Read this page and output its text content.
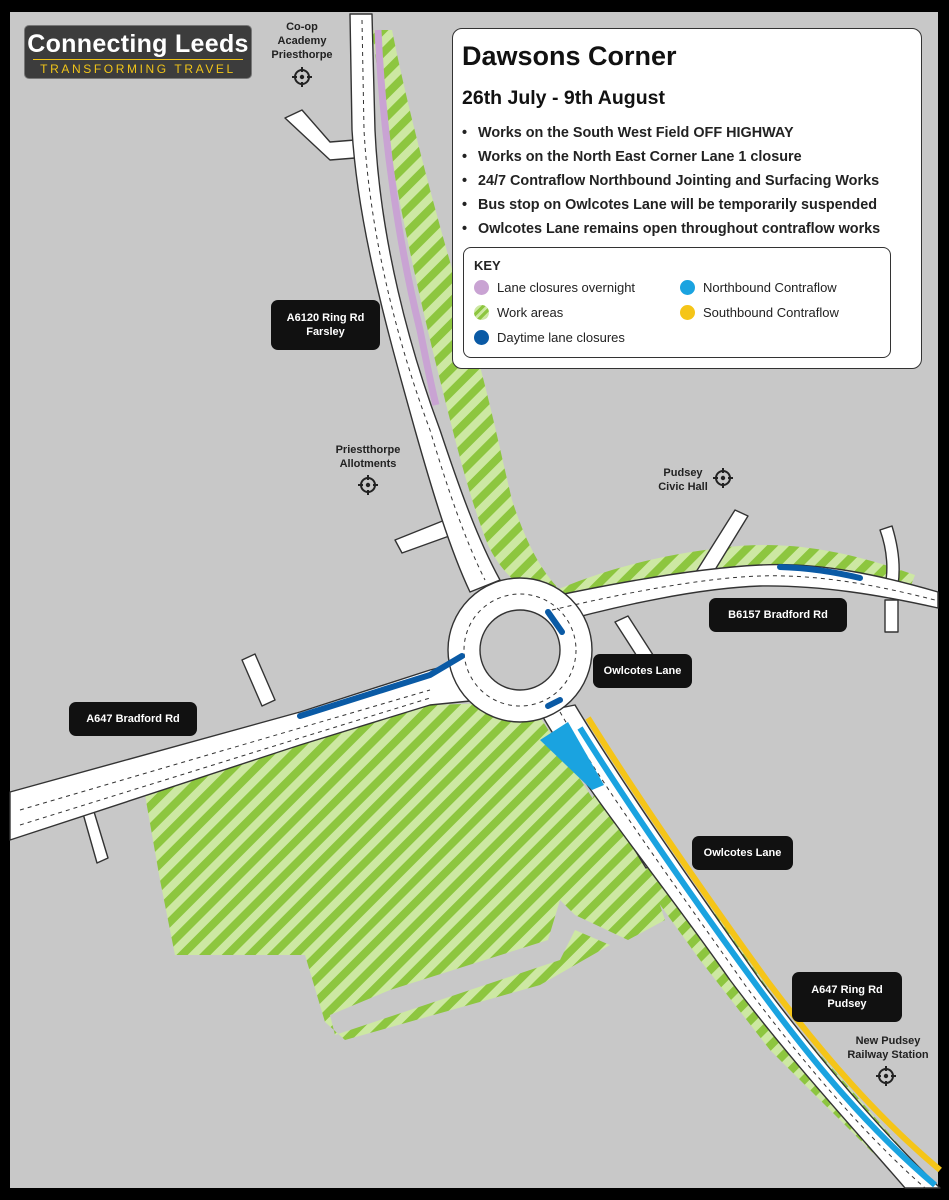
Connecting Leeds
TRANSFORMING TRAVEL
Co-op
Academy
Priesthorpe
Priestthorpe
Allotments
Pudsey
Civic Hall
New Pudsey
Railway Station
A6120 Ring Rd
Farsley
B6157 Bradford Rd
Owlcotes Lane
A647 Bradford Rd
Owlcotes Lane
A647 Ring Rd
Pudsey
Dawsons Corner
26th July - 9th August
• Works on the South West Field OFF HIGHWAY
• Works on the North East Corner Lane 1 closure
• 24/7 Contraflow Northbound Jointing and Surfacing Works
• Bus stop on Owlcotes Lane will be temporarily suspended
• Owlcotes Lane remains open throughout contraflow works
KEY
Lane closures overnight
Work areas
Daytime lane closures
Northbound Contraflow
Southbound Contraflow
